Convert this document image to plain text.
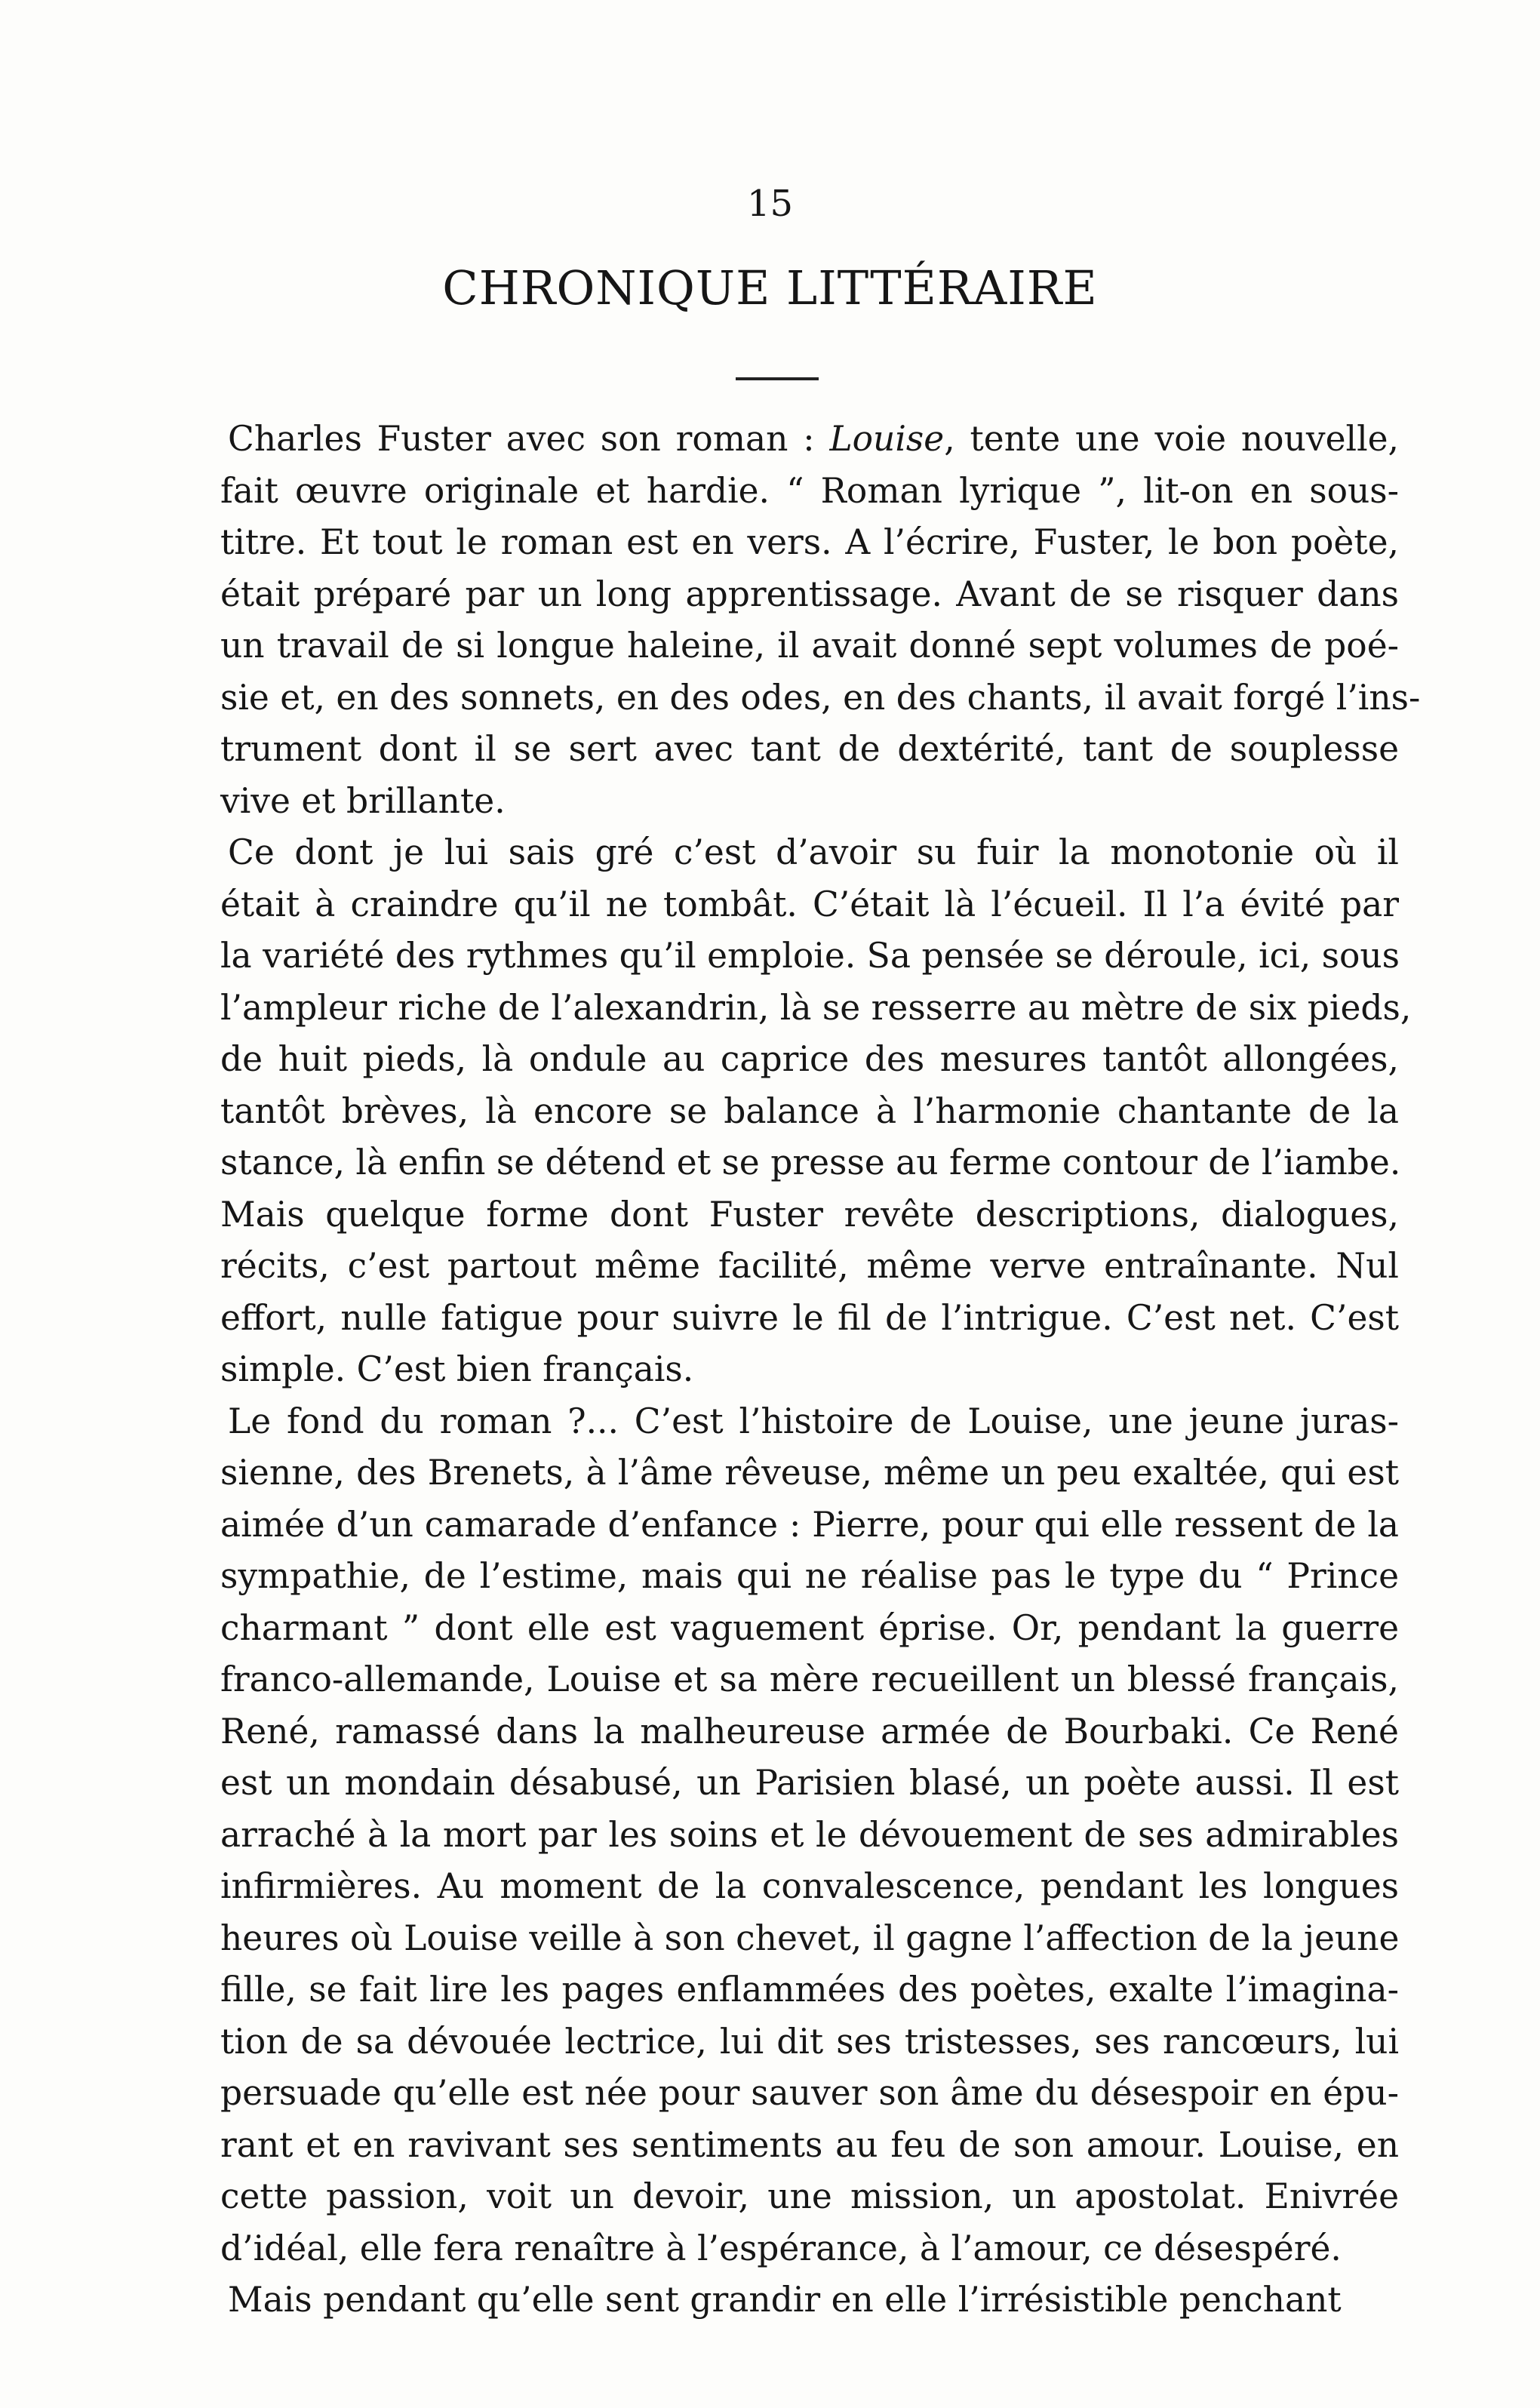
15
CHRONIQUE LITTÉRAIRE

Charles Fuster avec son roman : Louise, tente une voie nouvelle,
fait œuvre originale et hardie. “ Roman lyrique ”, lit-on en sous-
titre. Et tout le roman est en vers. A l’écrire, Fuster, le bon poète,
était préparé par un long apprentissage. Avant de se risquer dans
un travail de si longue haleine, il avait donné sept volumes de poé-
sie et, en des sonnets, en des odes, en des chants, il avait forgé l’ins-
trument dont il se sert avec tant de dextérité, tant de souplesse
vive et brillante.

Ce dont je lui sais gré c’est d’avoir su fuir la monotonie où il
était à craindre qu’il ne tombât. C’était là l’écueil. Il l’a évité par
la variété des rythmes qu’il emploie. Sa pensée se déroule, ici, sous
l’ampleur riche de l’alexandrin, là se resserre au mètre de six pieds,
de huit pieds, là ondule au caprice des mesures tantôt allongées,
tantôt brèves, là encore se balance à l’harmonie chantante de la
stance, là enfin se détend et se presse au ferme contour de l’iambe.
Mais quelque forme dont Fuster revête descriptions, dialogues,
récits, c’est partout même facilité, même verve entraînante. Nul
effort, nulle fatigue pour suivre le fil de l’intrigue. C’est net. C’est
simple. C’est bien français.

Le fond du roman ?... C’est l’histoire de Louise, une jeune juras-
sienne, des Brenets, à l’âme rêveuse, même un peu exaltée, qui est
aimée d’un camarade d’enfance : Pierre, pour qui elle ressent de la
sympathie, de l’estime, mais qui ne réalise pas le type du “ Prince
charmant ” dont elle est vaguement éprise. Or, pendant la guerre
franco-allemande, Louise et sa mère recueillent un blessé français,
René, ramassé dans la malheureuse armée de Bourbaki. Ce René
est un mondain désabusé, un Parisien blasé, un poète aussi. Il est
arraché à la mort par les soins et le dévouement de ses admirables
infirmières. Au moment de la convalescence, pendant les longues
heures où Louise veille à son chevet, il gagne l’affection de la jeune
fille, se fait lire les pages enflammées des poètes, exalte l’imagina-
tion de sa dévouée lectrice, lui dit ses tristesses, ses rancœurs, lui
persuade qu’elle est née pour sauver son âme du désespoir en épu-
rant et en ravivant ses sentiments au feu de son amour. Louise, en
cette passion, voit un devoir, une mission, un apostolat. Enivrée
d’idéal, elle fera renaître à l’espérance, à l’amour, ce désespéré.

Mais pendant qu’elle sent grandir en elle l’irrésistible penchant
